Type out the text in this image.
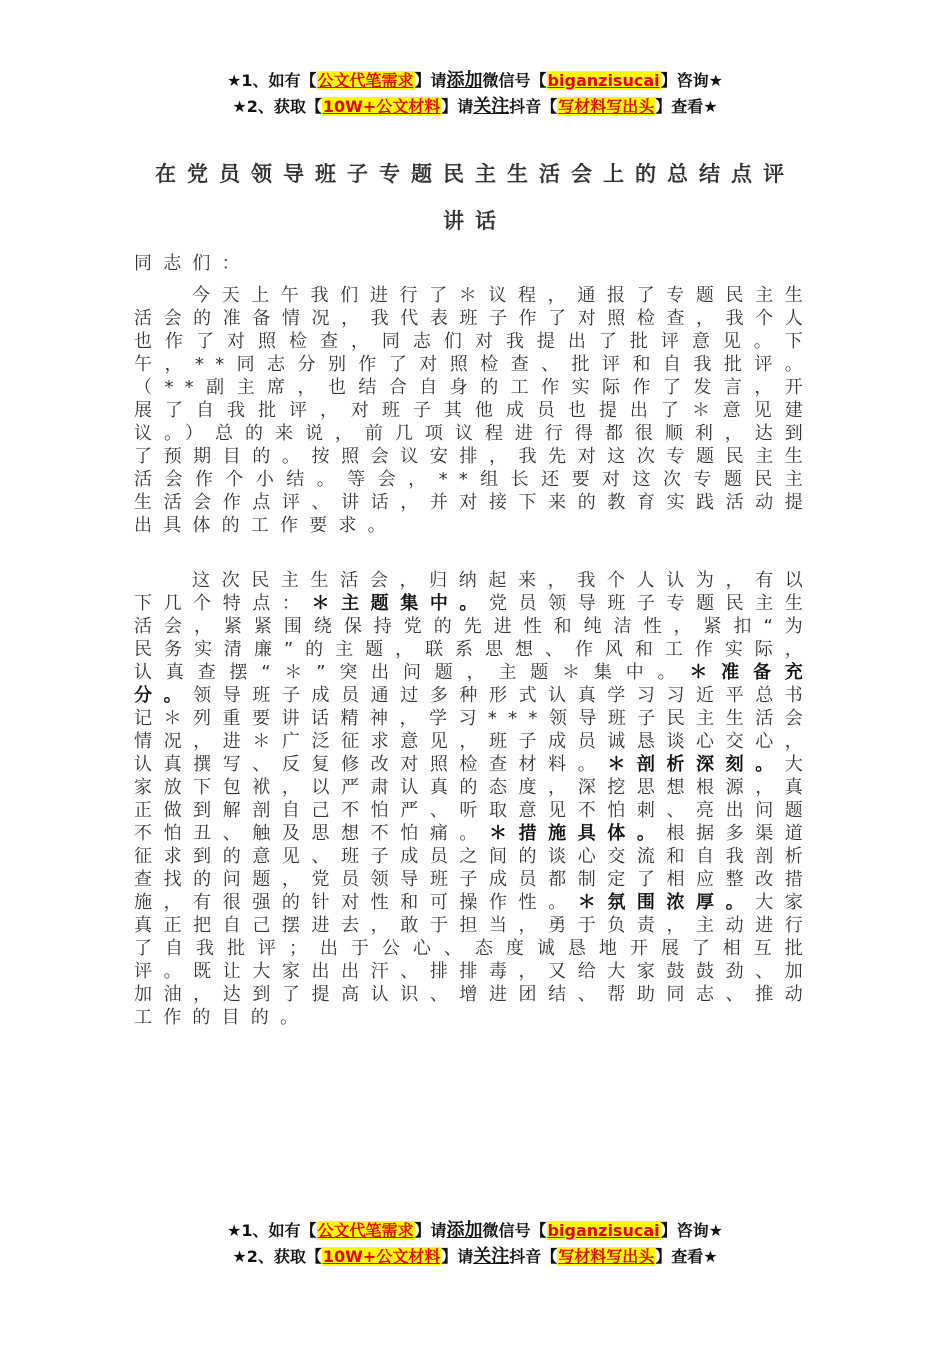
★1、如有【公文代笔需求】请添加微信号【biganzisucai】咨询★
★2、获取【10W+公文材料】请关注抖音【写材料写出头】查看★
在党员领导班子专题民主生活会上的总结点评
讲话
同志们：
今天上午我们进行了＊议程，通报了专题民主生活会的准备情况，我代表班子作了对照检查，我个人也作了对照检查，同志们对我提出了批评意见。下午，**同志分别作了对照检查、批评和自我批评。（**副主席，也结合自身的工作实际作了发言，开展了自我批评，对班子其他成员也提出了＊意见建议。）总的来说，前几项议程进行得都很顺利，达到了预期目的。按照会议安排，我先对这次专题民主生活会作个小结。等会，**组长还要对这次专题民主生活会作点评、讲话，并对接下来的教育实践活动提出具体的工作要求。
这次民主生活会，归纳起来，我个人认为，有以下几个特点：＊主题集中。党员领导班子专题民主生活会，紧紧围绕保持党的先进性和纯洁性，紧扣“为民务实清廉”的主题，联系思想、作风和工作实际，认真查摆“＊”突出问题，主题＊集中。＊准备充分。领导班子成员通过多种形式认真学习习近平总书记＊列重要讲话精神，学习***领导班子民主生活会情况，进＊广泛征求意见，班子成员诚恳谈心交心，认真撰写、反复修改对照检查材料。＊剖析深刻。大家放下包袱，以严肃认真的态度，深挖思想根源，真正做到解剖自己不怕严、听取意见不怕刺、亮出问题不怕丑、触及思想不怕痛。＊措施具体。根据多渠道征求到的意见、班子成员之间的谈心交流和自我剖析查找的问题，党员领导班子成员都制定了相应整改措施，有很强的针对性和可操作性。＊氛围浓厚。大家真正把自己摆进去，敢于担当，勇于负责，主动进行了自我批评；出于公心、态度诚恳地开展了相互批评。既让大家出出汗、排排毒，又给大家鼓鼓劲、加加油，达到了提高认识、增进团结、帮助同志、推动工作的目的。
★1、如有【公文代笔需求】请添加微信号【biganzisucai】咨询★
★2、获取【10W+公文材料】请关注抖音【写材料写出头】查看★
